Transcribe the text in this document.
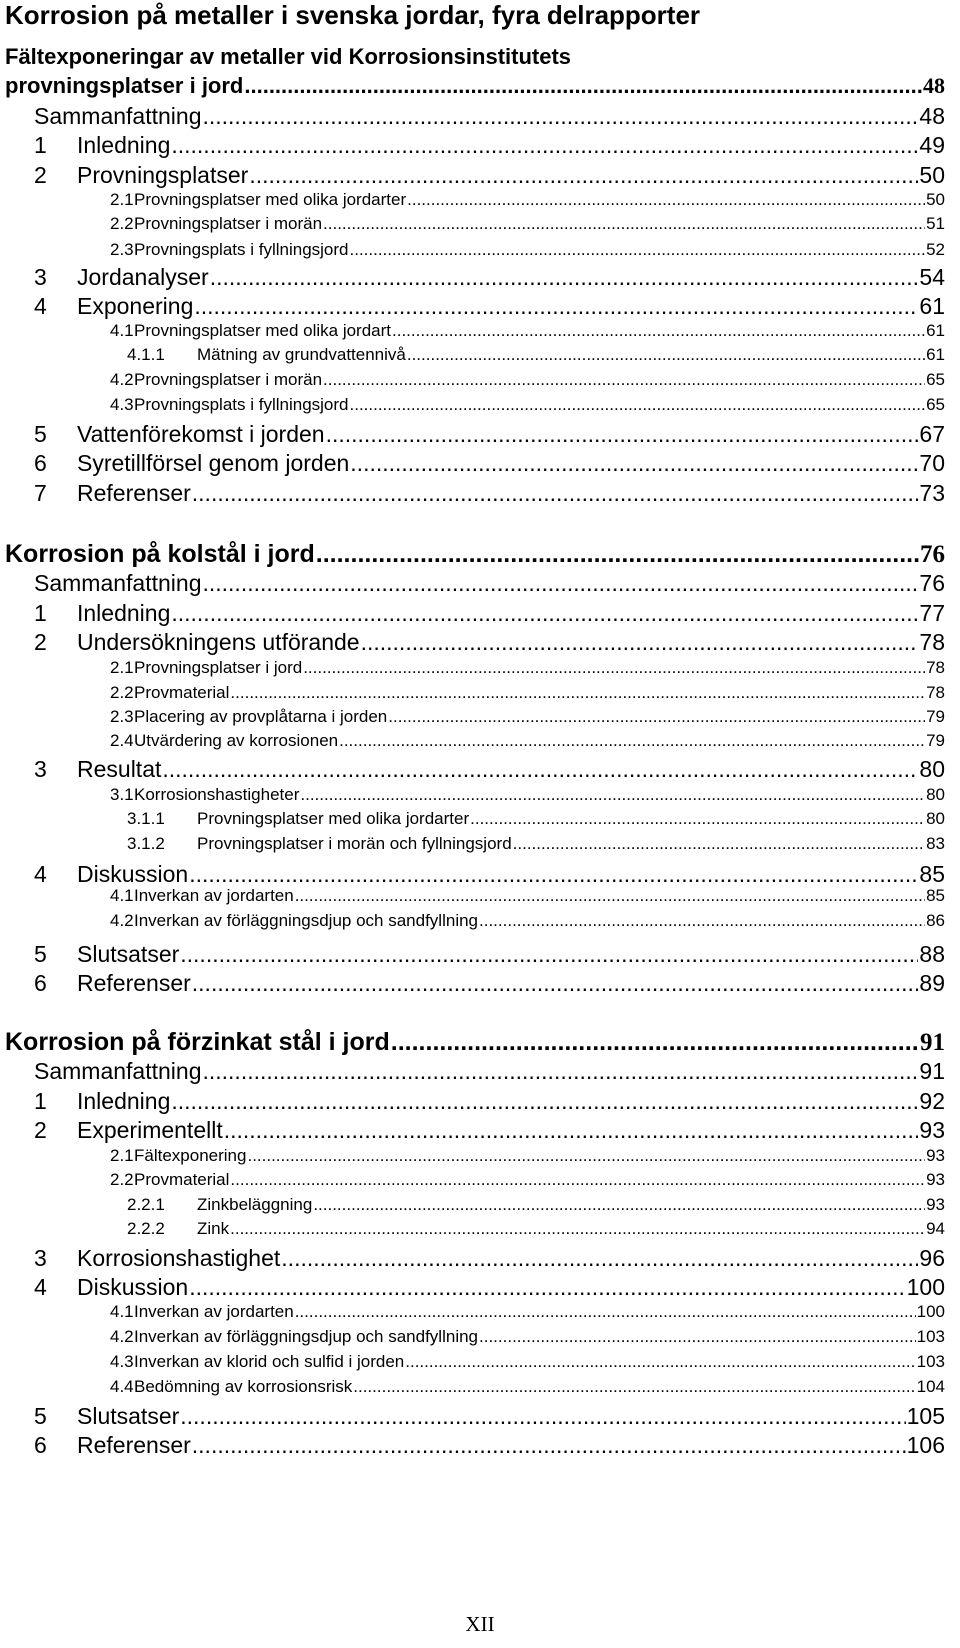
Korrosion på metaller i svenska jordar, fyra delrapporter
Fältexponeringar av metaller vid Korrosionsinstitutets
provningsplatser i jord .....	48
Sammanfattning .....	48
1	Inledning .....	49
2	Provningsplatser .....	50
2.1 Provningsplatser med olika jordarter .....	50
2.2 Provningsplatser i morän .....	51
2.3 Provningsplats i fyllningsjord .....	52
3	Jordanalyser .....	54
4	Exponering .....	61
4.1 Provningsplatser med olika jordart .....	61
4.1.1	Mätning av grundvattennivå .....	61
4.2 Provningsplatser i morän .....	65
4.3 Provningsplats i fyllningsjord .....	65
5	Vattenförekomst i jorden .....	67
6	Syretillförsel genom jorden .....	70
7	Referenser .....	73
Korrosion på kolstål i jord .....	76
Sammanfattning .....	76
1	Inledning .....	77
2	Undersökningens utförande .....	78
2.1 Provningsplatser i jord .....	78
2.2 Provmaterial .....	78
2.3 Placering av provplåtarna i jorden .....	79
2.4 Utvärdering av korrosionen .....	79
3	Resultat .....	80
3.1 Korrosionshastigheter .....	80
3.1.1	Provningsplatser med olika jordarter .....	80
3.1.2	Provningsplatser i morän och fyllningsjord .....	83
4	Diskussion .....	85
4.1 Inverkan av jordarten .....	85
4.2 Inverkan av förläggningsdjup och sandfyllning .....	86
5	Slutsatser .....	88
6	Referenser .....	89
Korrosion på förzinkat stål i jord .....	91
Sammanfattning .....	91
1	Inledning .....	92
2	Experimentellt .....	93
2.1 Fältexponering .....	93
2.2 Provmaterial .....	93
2.2.1	Zinkbeläggning .....	93
2.2.2	Zink .....	94
3	Korrosionshastighet .....	96
4	Diskussion .....	100
4.1 Inverkan av jordarten .....	100
4.2 Inverkan av förläggningsdjup och sandfyllning .....	103
4.3 Inverkan av klorid och sulfid i jorden .....	103
4.4 Bedömning av korrosionsrisk .....	104
5	Slutsatser .....	105
6	Referenser .....	106
XII
